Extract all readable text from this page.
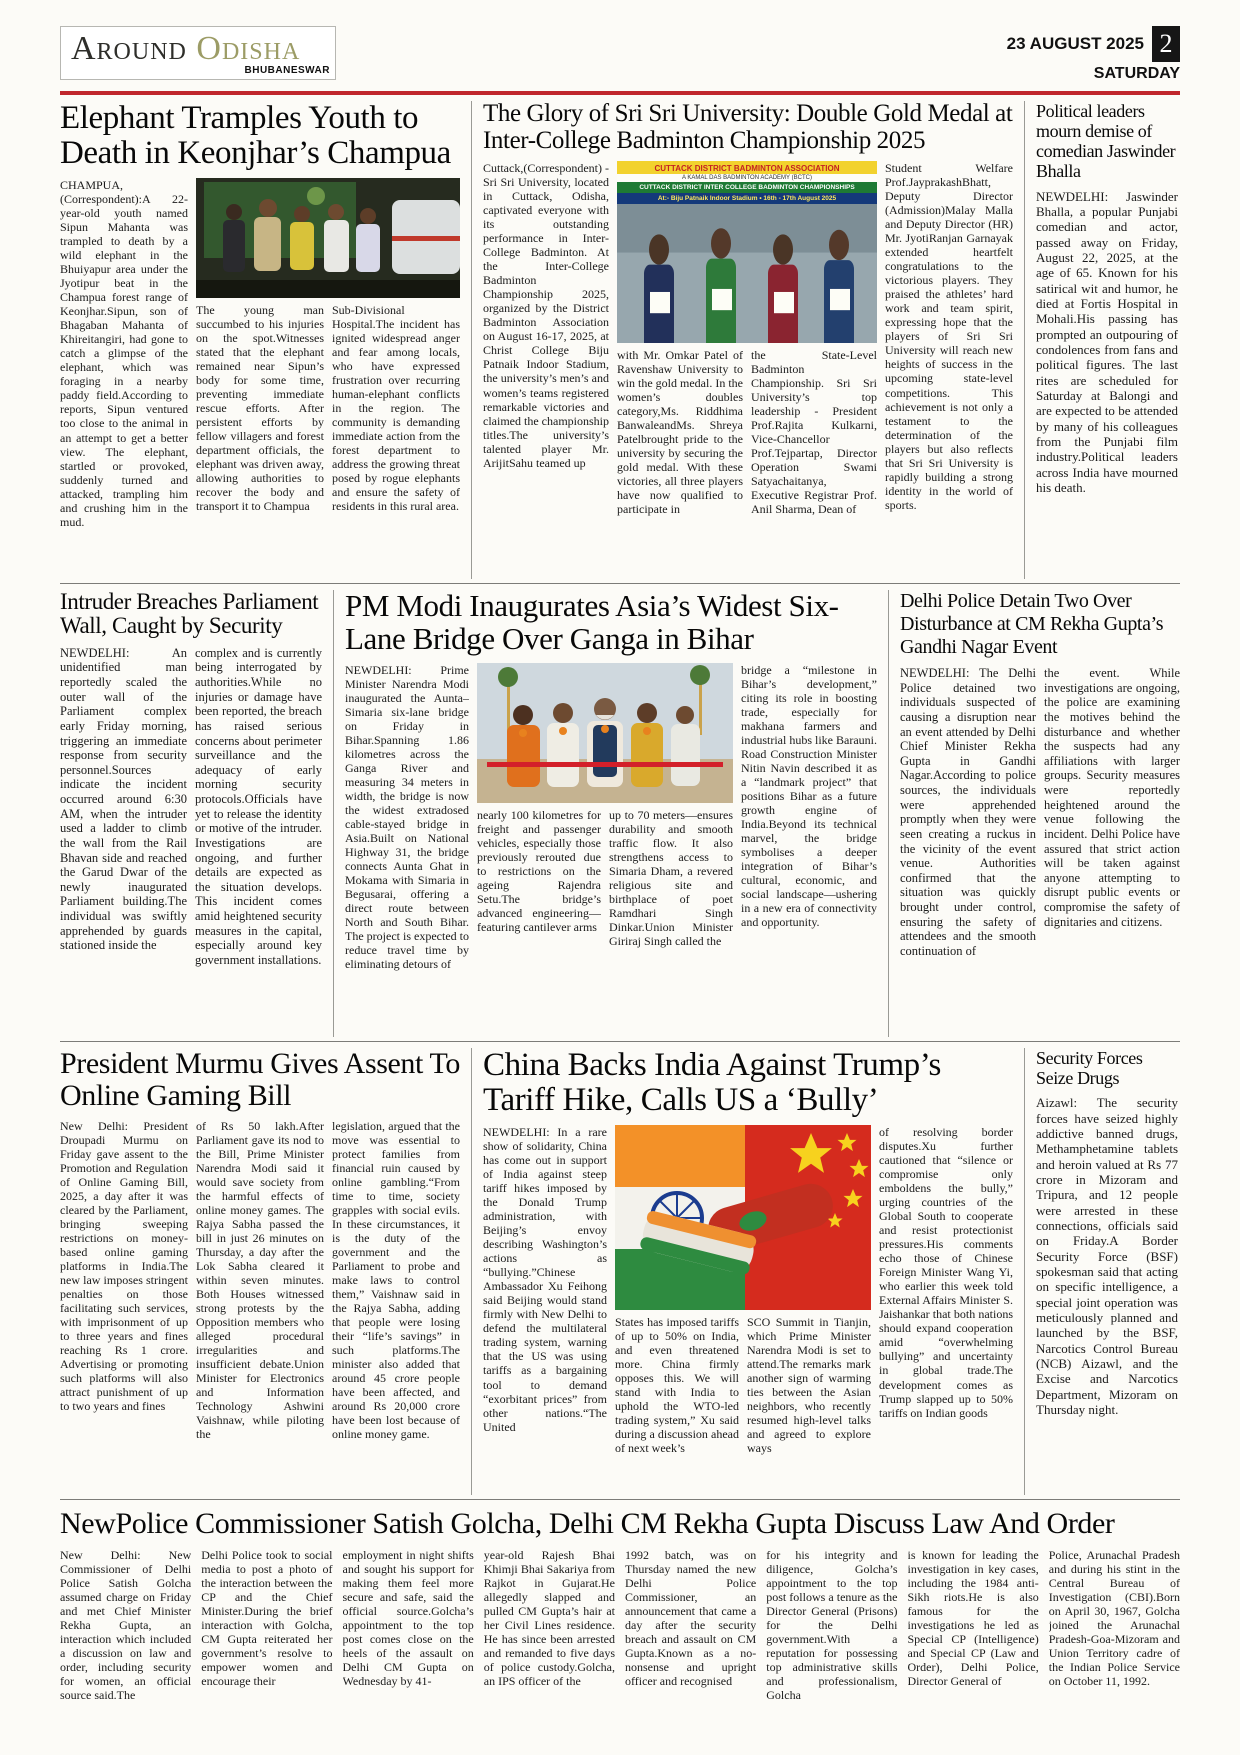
Around Odisha
BHUBANESWAR
23 AUGUST 2025 2
SATURDAY
Elephant Tramples Youth to Death in Keonjhar’s Champua
CHAMPUA, (Correspondent):A 22-year-old youth named Sipun Mahanta was trampled to death by a wild elephant in the Bhuiyapur area under the Jyotipur beat in the Champua forest range of Keonjhar.Sipun, son of Bhagaban Mahanta of Khireitangiri, had gone to catch a glimpse of the elephant, which was foraging in a nearby paddy field.According to reports, Sipun ventured too close to the animal in an attempt to get a better view. The elephant, startled or provoked, suddenly turned and attacked, trampling him and crushing him in the mud.
The young man succumbed to his injuries on the spot.Witnesses stated that the elephant remained near Sipun’s body for some time, preventing immediate rescue efforts. After persistent efforts by fellow villagers and forest department officials, the elephant was driven away, allowing authorities to recover the body and transport it to Champua
Sub-Divisional Hospital.The incident has ignited widespread anger and fear among locals, who have expressed frustration over recurring human-elephant conflicts in the region. The community is demanding immediate action from the forest department to address the growing threat posed by rogue elephants and ensure the safety of residents in this rural area.
The Glory of Sri Sri University: Double Gold Medal at Inter-College Badminton Championship 2025
Cuttack,(Correspondent) - Sri Sri University, located in Cuttack, Odisha, captivated everyone with its outstanding performance in Inter-College Badminton. At the Inter-College Badminton Championship 2025, organized by the District Badminton Association on August 16-17, 2025, at Christ College Biju Patnaik Indoor Stadium, the university’s men’s and women’s teams registered remarkable victories and claimed the championship titles.The university’s talented player Mr. ArijitSahu teamed up
CUTTACK DISTRICT BADMINTON ASSOCIATION
A KAMAL DAS BADMINTON ACADEMY (BCTC)
CUTTACK DISTRICT INTER COLLEGE BADMINTON CHAMPIONSHIPS
At:- Biju Patnaik Indoor Stadium • 16th - 17th August 2025
with Mr. Omkar Patel of Ravenshaw University to win the gold medal. In the women’s doubles category,Ms. Riddhima BanwaleandMs. Shreya Patelbrought pride to the university by securing the gold medal. With these victories, all three players have now qualified to participate in
the State-Level Badminton Championship. Sri Sri University’s top leadership - President Prof.Rajita Kulkarni, Vice-Chancellor Prof.Tejpartap, Director Operation Swami Satyachaitanya, Executive Registrar Prof. Anil Sharma, Dean of
Student Welfare Prof.JayprakashBhatt, Deputy Director (Admission)Malay Malla and Deputy Director (HR) Mr. JyotiRanjan Garnayak extended heartfelt congratulations to the victorious players. They praised the athletes’ hard work and team spirit, expressing hope that the players of Sri Sri University will reach new heights of success in the upcoming state-level competitions. This achievement is not only a testament to the determination of the players but also reflects that Sri Sri University is rapidly building a strong identity in the world of sports.
Political leaders mourn demise of comedian Jaswinder Bhalla
NEWDELHI: Jaswinder Bhalla, a popular Punjabi comedian and actor, passed away on Friday, August 22, 2025, at the age of 65. Known for his satirical wit and humor, he died at Fortis Hospital in Mohali.His passing has prompted an outpouring of condolences from fans and political figures. The last rites are scheduled for Saturday at Balongi and are expected to be attended by many of his colleagues from the Punjabi film industry.Political leaders across India have mourned his death.
Intruder Breaches Parliament Wall, Caught by Security
NEWDELHI: An unidentified man reportedly scaled the outer wall of the Parliament complex early Friday morning, triggering an immediate response from security personnel.Sources indicate the incident occurred around 6:30 AM, when the intruder used a ladder to climb the wall from the Rail Bhavan side and reached the Garud Dwar of the newly inaugurated Parliament building.The individual was swiftly apprehended by guards stationed inside the
complex and is currently being interrogated by authorities.While no injuries or damage have been reported, the breach has raised serious concerns about perimeter surveillance and the adequacy of early morning security protocols.Officials have yet to release the identity or motive of the intruder. Investigations are ongoing, and further details are expected as the situation develops. This incident comes amid heightened security measures in the capital, especially around key government installations.
PM Modi Inaugurates Asia’s Widest Six-Lane Bridge Over Ganga in Bihar
NEWDELHI: Prime Minister Narendra Modi inaugurated the Aunta–Simaria six-lane bridge on Friday in Bihar.Spanning 1.86 kilometres across the Ganga River and measuring 34 meters in width, the bridge is now the widest extradosed cable-stayed bridge in Asia.Built on National Highway 31, the bridge connects Aunta Ghat in Mokama with Simaria in Begusarai, offering a direct route between North and South Bihar. The project is expected to reduce travel time by eliminating detours of
nearly 100 kilometres for freight and passenger vehicles, especially those previously rerouted due to restrictions on the ageing Rajendra Setu.The bridge’s advanced engineering—featuring cantilever arms
up to 70 meters—ensures durability and smooth traffic flow. It also strengthens access to Simaria Dham, a revered religious site and birthplace of poet Ramdhari Singh Dinkar.Union Minister Giriraj Singh called the
bridge a “milestone in Bihar’s development,” citing its role in boosting trade, especially for makhana farmers and industrial hubs like Barauni. Road Construction Minister Nitin Navin described it as a “landmark project” that positions Bihar as a future growth engine of India.Beyond its technical marvel, the bridge symbolises a deeper integration of Bihar’s cultural, economic, and social landscape—ushering in a new era of connectivity and opportunity.
Delhi Police Detain Two Over Disturbance at CM Rekha Gupta’s Gandhi Nagar Event
NEWDELHI: The Delhi Police detained two individuals suspected of causing a disruption near an event attended by Delhi Chief Minister Rekha Gupta in Gandhi Nagar.According to police sources, the individuals were apprehended promptly when they were seen creating a ruckus in the vicinity of the event venue. Authorities confirmed that the situation was quickly brought under control, ensuring the safety of attendees and the smooth continuation of
the event. While investigations are ongoing, the police are examining the motives behind the disturbance and whether the suspects had any affiliations with larger groups. Security measures were reportedly heightened around the venue following the incident. Delhi Police have assured that strict action will be taken against anyone attempting to disrupt public events or compromise the safety of dignitaries and citizens.
President Murmu Gives Assent To Online Gaming Bill
New Delhi: President Droupadi Murmu on Friday gave assent to the Promotion and Regulation of Online Gaming Bill, 2025, a day after it was cleared by the Parliament, bringing sweeping restrictions on money-based online gaming platforms in India.The new law imposes stringent penalties on those facilitating such services, with imprisonment of up to three years and fines reaching Rs 1 crore. Advertising or promoting such platforms will also attract punishment of up to two years and fines
of Rs 50 lakh.After Parliament gave its nod to the Bill, Prime Minister Narendra Modi said it would save society from the harmful effects of online money games. The Rajya Sabha passed the bill in just 26 minutes on Thursday, a day after the Lok Sabha cleared it within seven minutes. Both Houses witnessed strong protests by the Opposition members who alleged procedural irregularities and insufficient debate.Union Minister for Electronics and Information Technology Ashwini Vaishnaw, while piloting the
legislation, argued that the move was essential to protect families from financial ruin caused by online gambling.“From time to time, society grapples with social evils. In these circumstances, it is the duty of the government and the Parliament to probe and make laws to control them,” Vaishnaw said in the Rajya Sabha, adding that people were losing their “life’s savings” in such platforms.The minister also added that around 45 crore people have been affected, and around Rs 20,000 crore have been lost because of online money game.
China Backs India Against Trump’s Tariff Hike, Calls US a ‘Bully’
NEWDELHI: In a rare show of solidarity, China has come out in support of India against steep tariff hikes imposed by the Donald Trump administration, with Beijing’s envoy describing Washington’s actions as “bullying.”Chinese Ambassador Xu Feihong said Beijing would stand firmly with New Delhi to defend the multilateral trading system, warning that the US was using tariffs as a bargaining tool to demand “exorbitant prices” from other nations.“The United
States has imposed tariffs of up to 50% on India, and even threatened more. China firmly opposes this. We will stand with India to uphold the WTO-led trading system,” Xu said during a discussion ahead of next week’s
SCO Summit in Tianjin, which Prime Minister Narendra Modi is set to attend.The remarks mark another sign of warming ties between the Asian neighbors, who recently resumed high-level talks and agreed to explore ways
of resolving border disputes.Xu further cautioned that “silence or compromise only emboldens the bully,” urging countries of the Global South to cooperate and resist protectionist pressures.His comments echo those of Chinese Foreign Minister Wang Yi, who earlier this week told External Affairs Minister S. Jaishankar that both nations should expand cooperation amid “overwhelming bullying” and uncertainty in global trade.The development comes as Trump slapped up to 50% tariffs on Indian goods
Security Forces Seize Drugs
Aizawl: The security forces have seized highly addictive banned drugs, Methamphetamine tablets and heroin valued at Rs 77 crore in Mizoram and Tripura, and 12 people were arrested in these connections, officials said on Friday.A Border Security Force (BSF) spokesman said that acting on specific intelligence, a special joint operation was meticulously planned and launched by the BSF, Narcotics Control Bureau (NCB) Aizawl, and the Excise and Narcotics Department, Mizoram on Thursday night.
NewPolice Commissioner Satish Golcha, Delhi CM Rekha Gupta Discuss Law And Order
New Delhi: New Commissioner of Delhi Police Satish Golcha assumed charge on Friday and met Chief Minister Rekha Gupta, an interaction which included a discussion on law and order, including security for women, an official source said.The
Delhi Police took to social media to post a photo of the interaction between the CP and the Chief Minister.During the brief interaction with Golcha, CM Gupta reiterated her government’s resolve to empower women and encourage their
employment in night shifts and sought his support for making them feel more secure and safe, said the official source.Golcha’s appointment to the top post comes close on the heels of the assault on Delhi CM Gupta on Wednesday by 41-
year-old Rajesh Bhai Khimji Bhai Sakariya from Rajkot in Gujarat.He allegedly slapped and pulled CM Gupta’s hair at her Civil Lines residence. He has since been arrested and remanded to five days of police custody.Golcha, an IPS officer of the
1992 batch, was on Thursday named the new Delhi Police Commissioner, an announcement that came a day after the security breach and assault on CM Gupta.Known as a no-nonsense and upright officer and recognised
for his integrity and diligence, Golcha’s appointment to the top post follows a tenure as the Director General (Prisons) for the Delhi government.With a reputation for possessing top administrative skills and professionalism, Golcha
is known for leading the investigation in key cases, including the 1984 anti-Sikh riots.He is also famous for the investigations he led as Special CP (Intelligence) and Special CP (Law and Order), Delhi Police, Director General of
Police, Arunachal Pradesh and during his stint in the Central Bureau of Investigation (CBI).Born on April 30, 1967, Golcha joined the Arunachal Pradesh-Goa-Mizoram and Union Territory cadre of the Indian Police Service on October 11, 1992.
